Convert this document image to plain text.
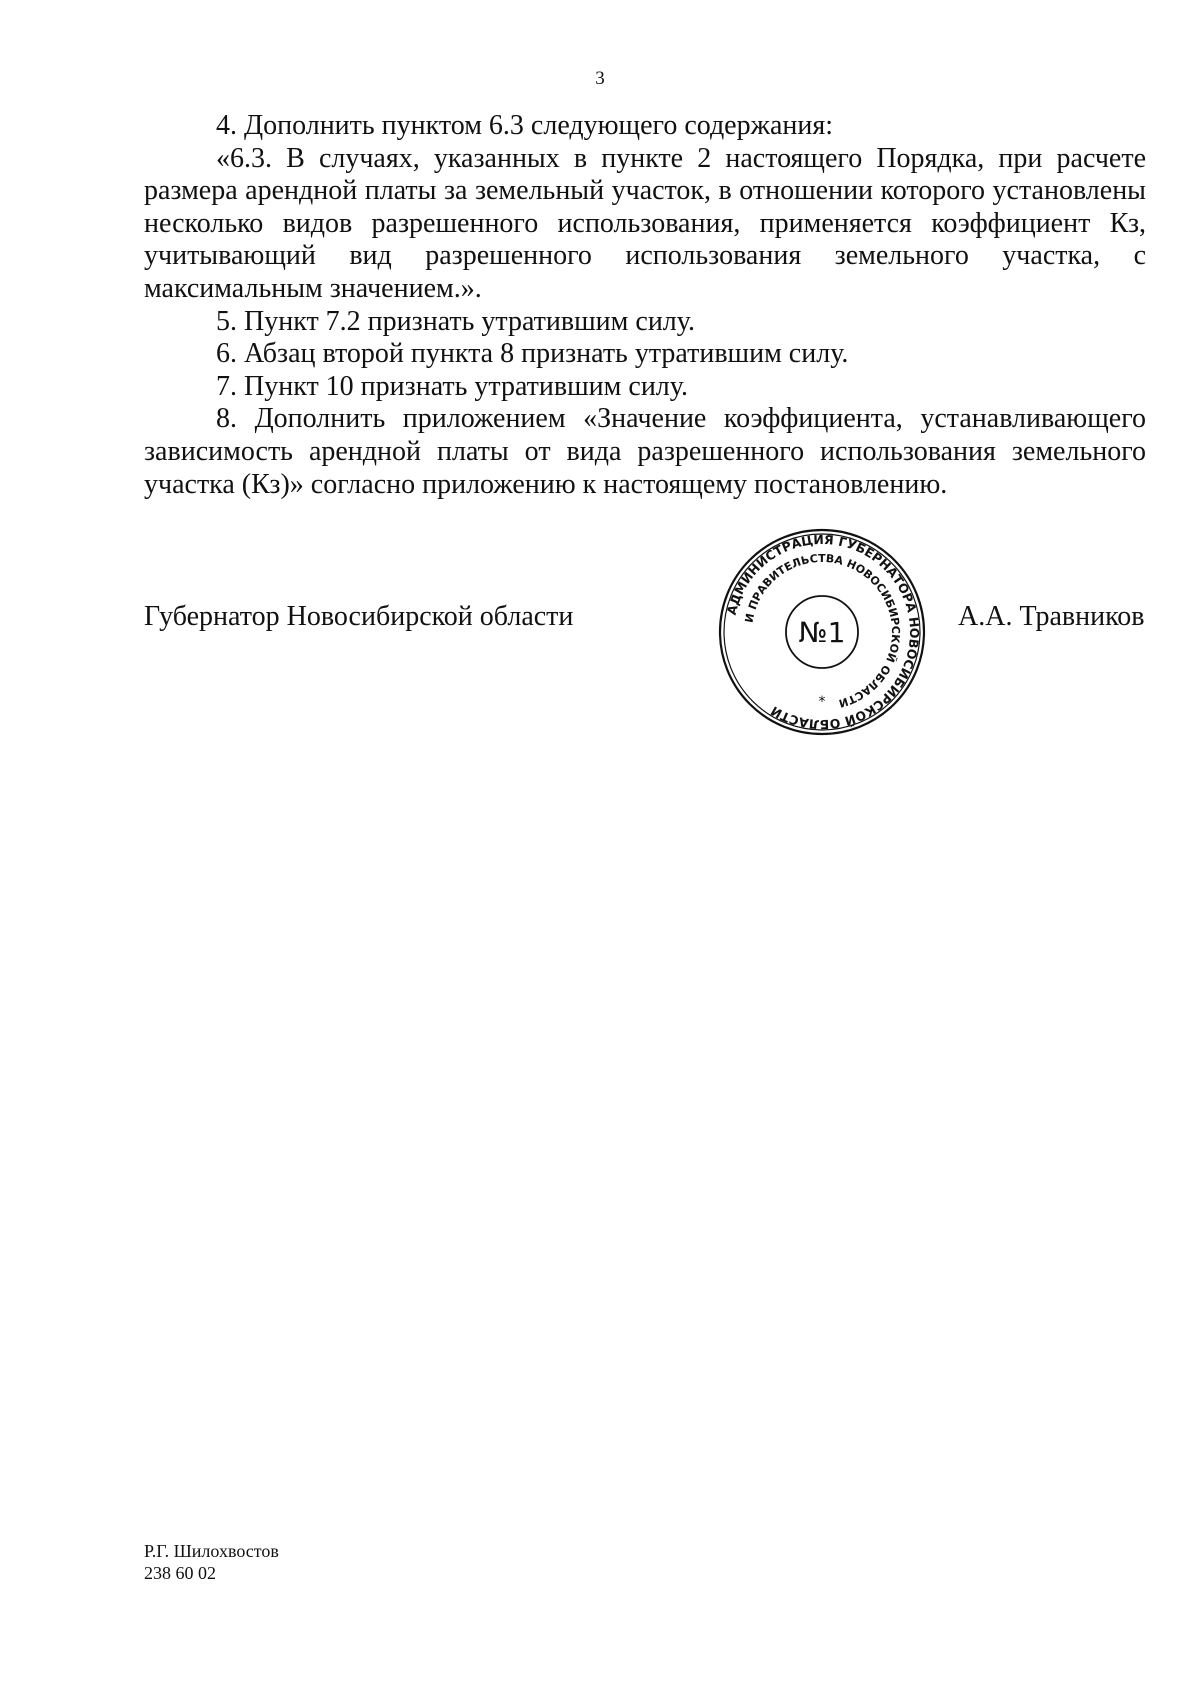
3

4. Дополнить пунктом 6.3 следующего содержания:

«6.3. В случаях, указанных в пункте 2 настоящего Порядка, при расчете размера арендной платы за земельный участок, в отношении которого установлены несколько видов разрешенного использования, применяется коэффициент Кз, учитывающий вид разрешенного использования земельного участка, с максимальным значением.».

5. Пункт 7.2 признать утратившим силу.

6. Абзац второй пункта 8 признать утратившим силу.

7. Пункт 10 признать утратившим силу.

8. Дополнить приложением «Значение коэффициента, устанавливающего зависимость арендной платы от вида разрешенного использования земельного участка (Кз)» согласно приложению к настоящему постановлению.

Губернатор Новосибирской области	А.А. Травников
АДМИНИСТРАЦИЯ ГУБЕРНАТОРА НОВОСИБИРСКОЙ ОБЛАСТИ
И ПРАВИТЕЛЬСТВА НОВОСИБИРСКОЙ ОБЛАСТИ
№1
*
Р.Г. Шилохвостов
238 60 02
